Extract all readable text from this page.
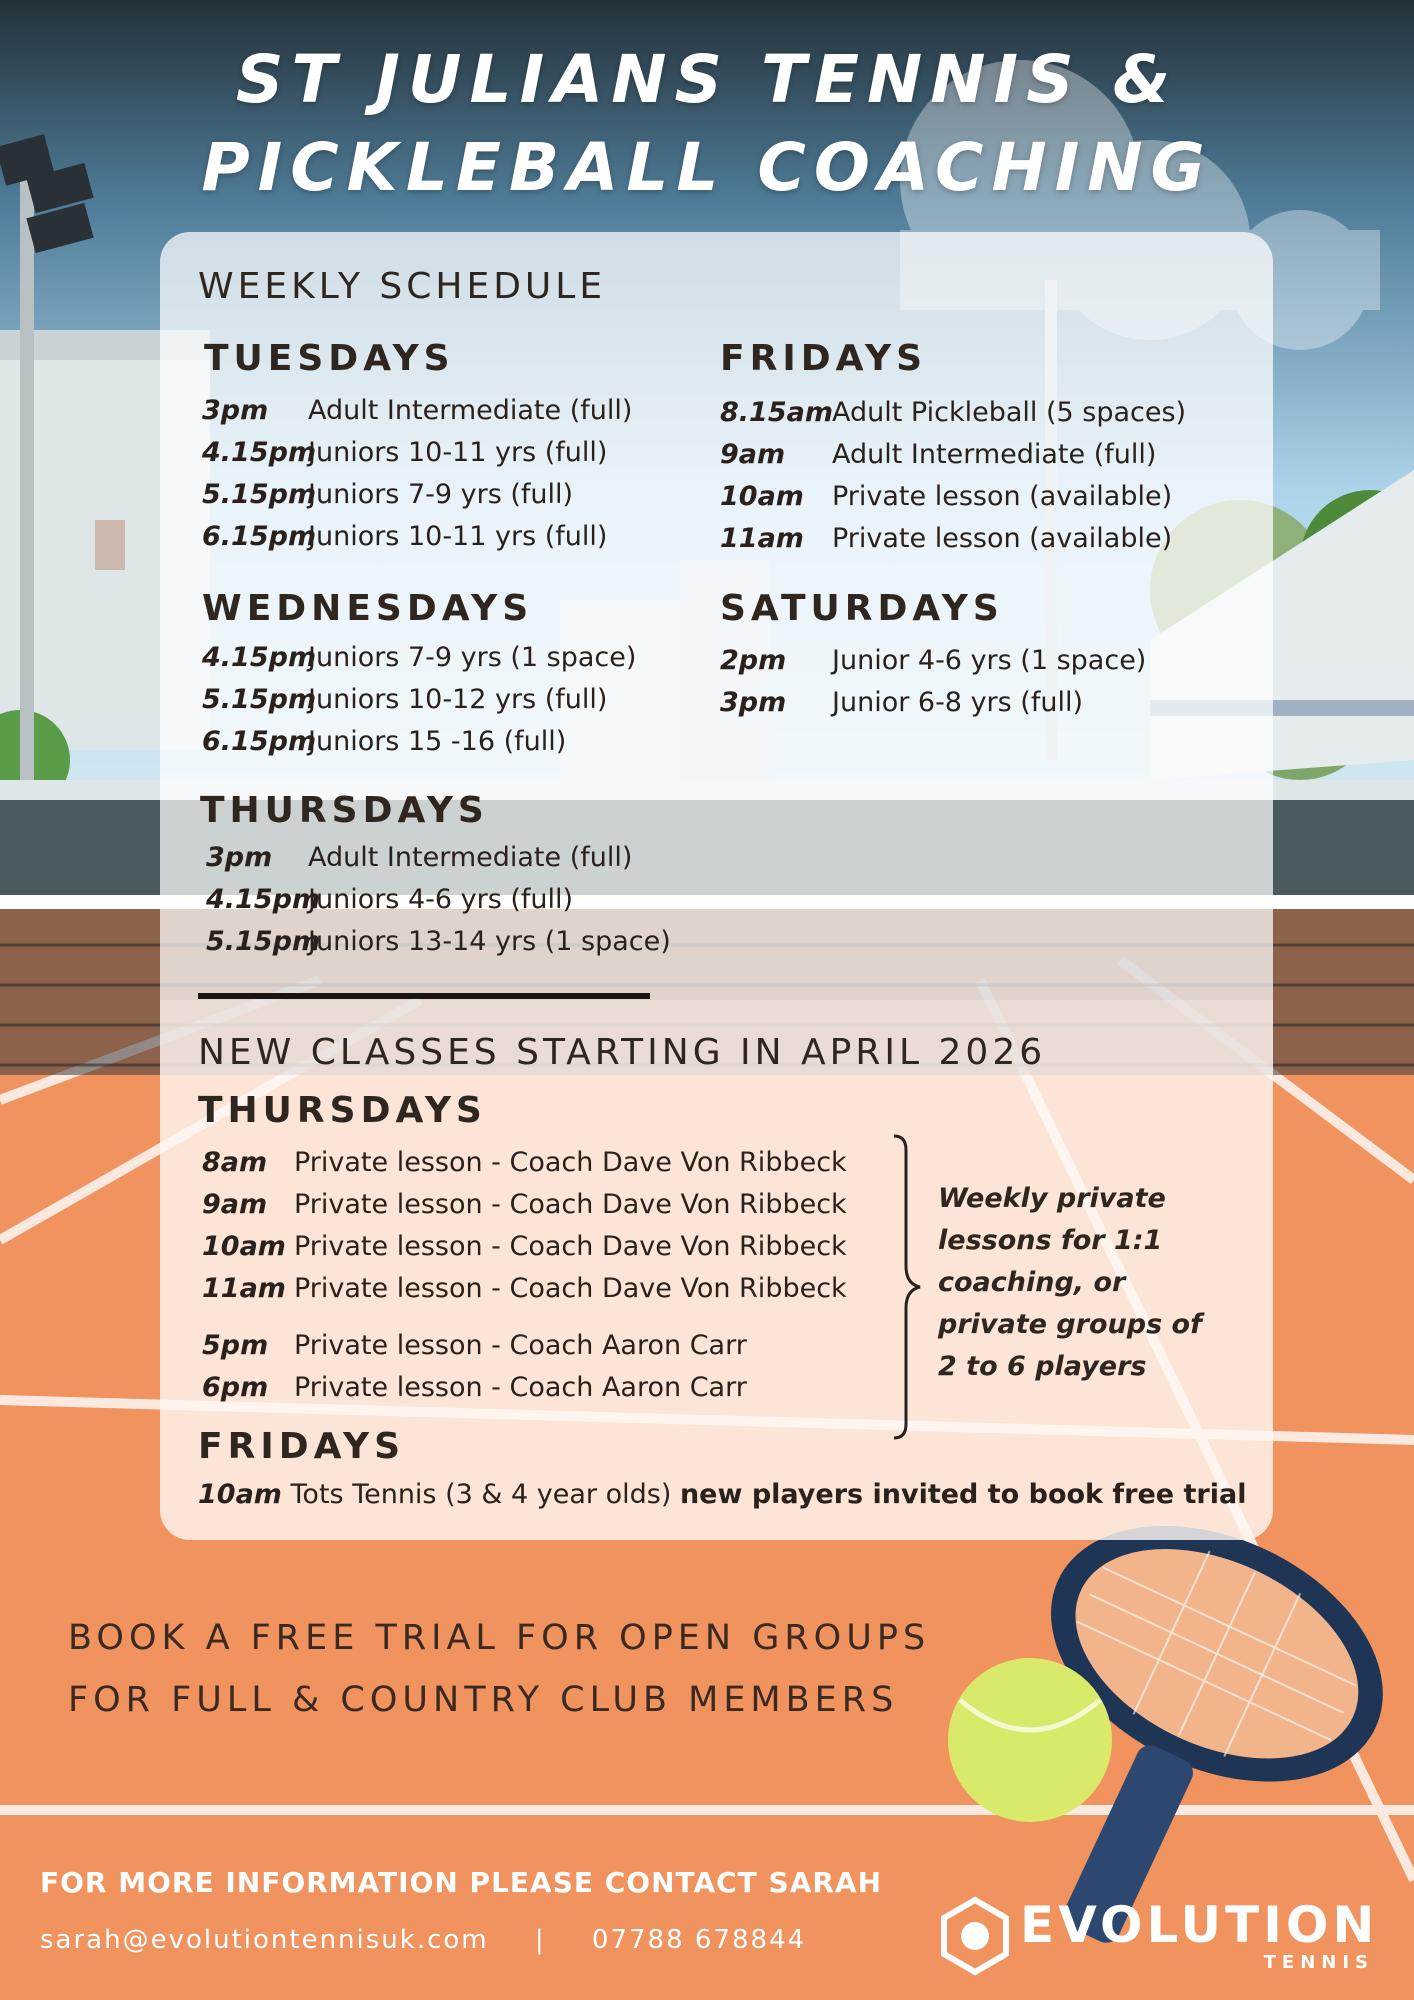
ST JULIANS TENNIS &
PICKLEBALL COACHING
WEEKLY SCHEDULE
TUESDAYS
3pm Adult Intermediate (full)
4.15pm
Juniors 10-11 yrs (full)
5.15pm
Juniors 7-9 yrs (full)
6.15pm
Juniors 10-11 yrs (full)
WEDNESDAYS
4.15pm
Juniors 7-9 yrs (1 space)
5.15pm
Juniors 10-12 yrs (full)
6.15pm
Juniors 15 -16 (full)
THURSDAYS
3pm Adult Intermediate (full)
4.15pm
Juniors 4-6 yrs (full)
5.15pm
Juniors 13-14 yrs (1 space)
FRIDAYS
8.15am Adult Pickleball (5 spaces)
9am Adult Intermediate (full)
10am Private lesson (available)
11am Private lesson (available)
SATURDAYS
2pm Junior 4-6 yrs (1 space)
3pm Junior 6-8 yrs (full)
NEW CLASSES STARTING IN APRIL 2026
THURSDAYS
8am Private lesson - Coach Dave Von Ribbeck
9am Private lesson - Coach Dave Von Ribbeck
10am Private lesson - Coach Dave Von Ribbeck
11am Private lesson - Coach Dave Von Ribbeck
5pm Private lesson - Coach Aaron Carr
6pm Private lesson - Coach Aaron Carr
Weekly private
lessons for 1:1
coaching, or
private groups of
2 to 6 players
FRIDAYS
10am Tots Tennis (3 & 4 year olds) new players invited to book free trial
BOOK A FREE TRIAL FOR OPEN GROUPS
FOR FULL & COUNTRY CLUB MEMBERS
FOR MORE INFORMATION PLEASE CONTACT SARAH
sarah@evolutiontennisuk.com | 07788 678844	EVOLUTION
TENNIS
